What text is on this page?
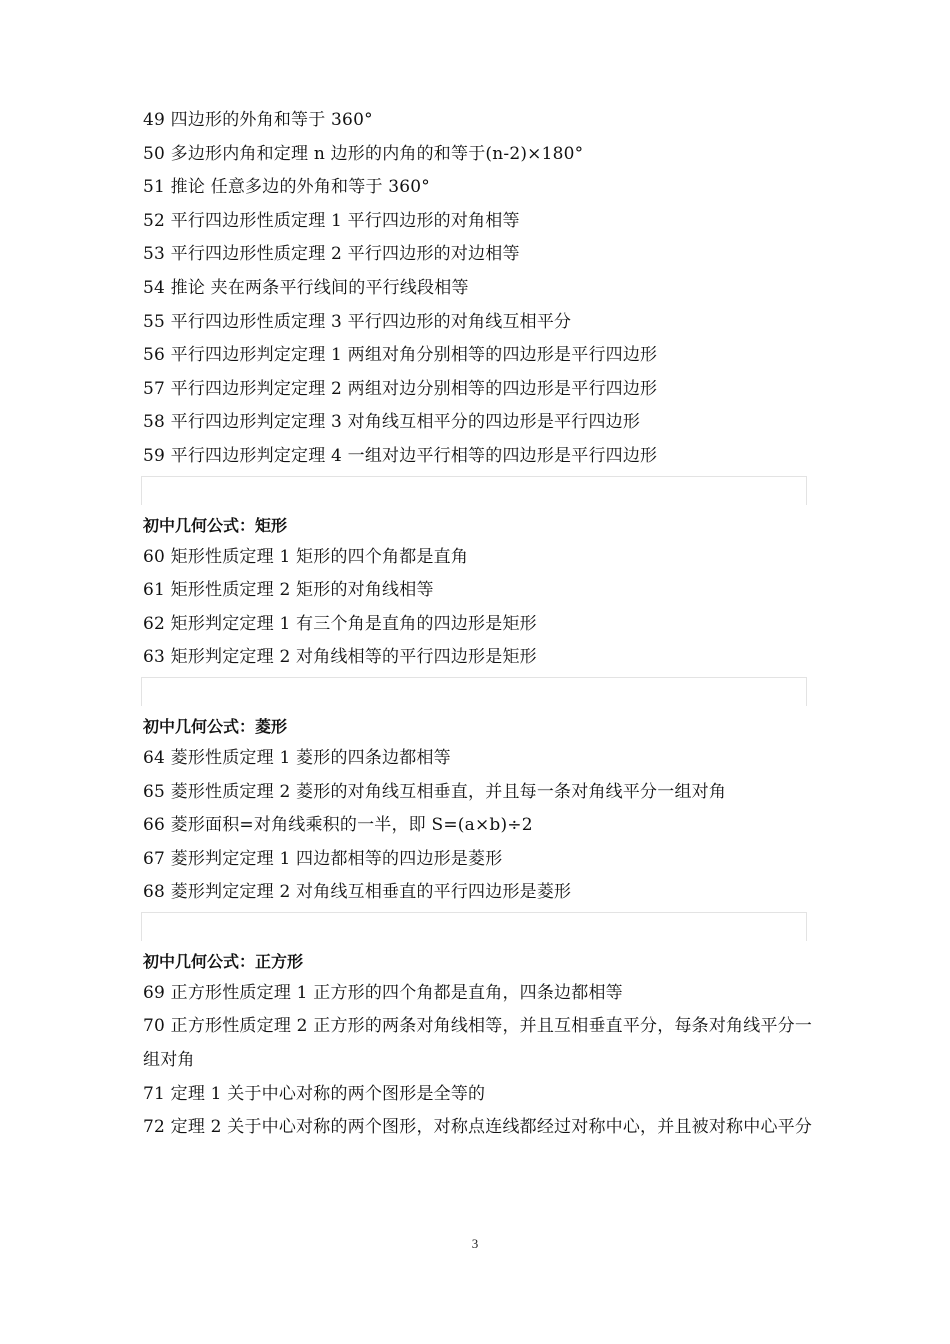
49 四边形的外角和等于 360°
50 多边形内角和定理 n 边形的内角的和等于(n-2)×180°
51 推论 任意多边的外角和等于 360°
52 平行四边形性质定理 1 平行四边形的对角相等
53 平行四边形性质定理 2 平行四边形的对边相等
54 推论 夹在两条平行线间的平行线段相等
55 平行四边形性质定理 3 平行四边形的对角线互相平分
56 平行四边形判定定理 1 两组对角分别相等的四边形是平行四边形
57 平行四边形判定定理 2 两组对边分别相等的四边形是平行四边形
58 平行四边形判定定理 3 对角线互相平分的四边形是平行四边形
59 平行四边形判定定理 4 一组对边平行相等的四边形是平行四边形
初中几何公式：矩形
60 矩形性质定理 1 矩形的四个角都是直角
61 矩形性质定理 2 矩形的对角线相等
62 矩形判定定理 1 有三个角是直角的四边形是矩形
63 矩形判定定理 2 对角线相等的平行四边形是矩形
初中几何公式：菱形
64 菱形性质定理 1 菱形的四条边都相等
65 菱形性质定理 2 菱形的对角线互相垂直，并且每一条对角线平分一组对角
66 菱形面积=对角线乘积的一半，即 S=(a×b)÷2
67 菱形判定定理 1 四边都相等的四边形是菱形
68 菱形判定定理 2 对角线互相垂直的平行四边形是菱形
初中几何公式：正方形
69 正方形性质定理 1 正方形的四个角都是直角，四条边都相等
70 正方形性质定理 2 正方形的两条对角线相等，并且互相垂直平分，每条对角线平分一组对角
71 定理 1 关于中心对称的两个图形是全等的
72 定理 2 关于中心对称的两个图形，对称点连线都经过对称中心，并且被对称中心平分
3
